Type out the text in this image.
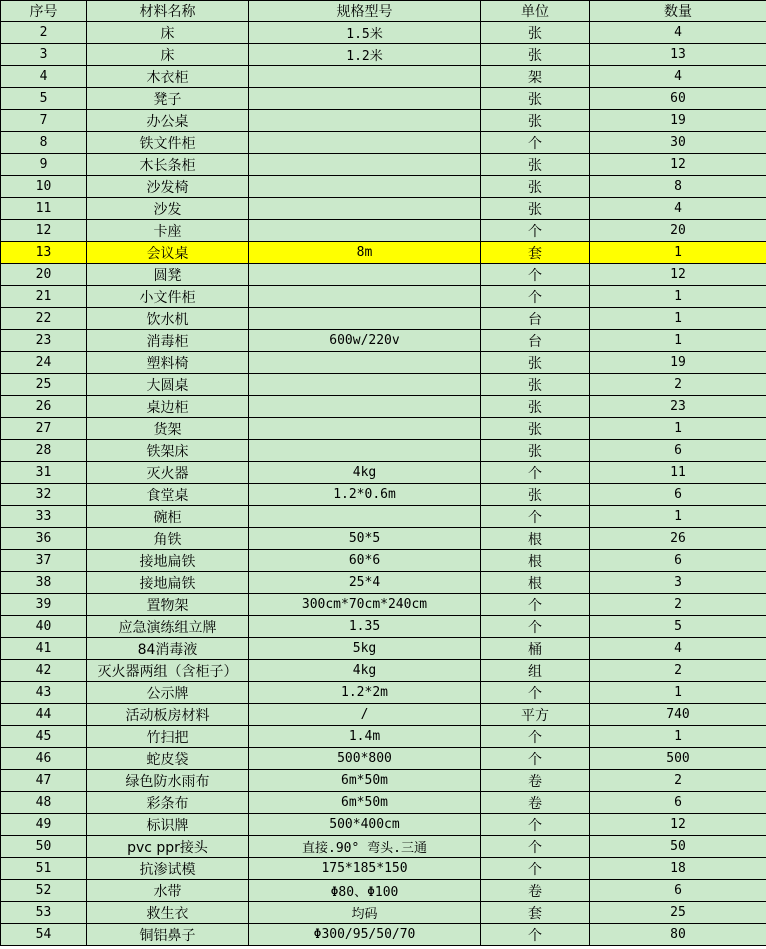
序号	材料名称	规格型号	单位	数量
2	床	1.5米	张	4
3	床	1.2米	张	13
4	木衣柜		架	4
5	凳子		张	60
7	办公桌		张	19
8	铁文件柜		个	30
9	木长条柜		张	12
10	沙发椅		张	8
11	沙发		张	4
12	卡座		个	20
13	会议桌	8m	套	1
20	圆凳		个	12
21	小文件柜		个	1
22	饮水机		台	1
23	消毒柜	600w/220v	台	1
24	塑料椅		张	19
25	大圆桌		张	2
26	桌边柜		张	23
27	货架		张	1
28	铁架床		张	6
31	灭火器	4kg	个	11
32	食堂桌	1.2*0.6m	张	6
33	碗柜		个	1
36	角铁	50*5	根	26
37	接地扁铁	60*6	根	6
38	接地扁铁	25*4	根	3
39	置物架	300cm*70cm*240cm	个	2
40	应急演练组立牌	1.35	个	5
41	84消毒液	5kg	桶	4
42	灭火器两组（含柜子）	4kg	组	2
43	公示牌	1.2*2m	个	1
44	活动板房材料	/	平方	740
45	竹扫把	1.4m	个	1
46	蛇皮袋	500*800	个	500
47	绿色防水雨布	6m*50m	卷	2
48	彩条布	6m*50m	卷	6
49	标识牌	500*400cm	个	12
50	pvc ppr接头	直接.90° 弯头.三通	个	50
51	抗渗试模	175*185*150	个	18
52	水带	Φ80、Φ100	卷	6
53	救生衣	均码	套	25
54	铜铝鼻子	Φ300/95/50/70	个	80
